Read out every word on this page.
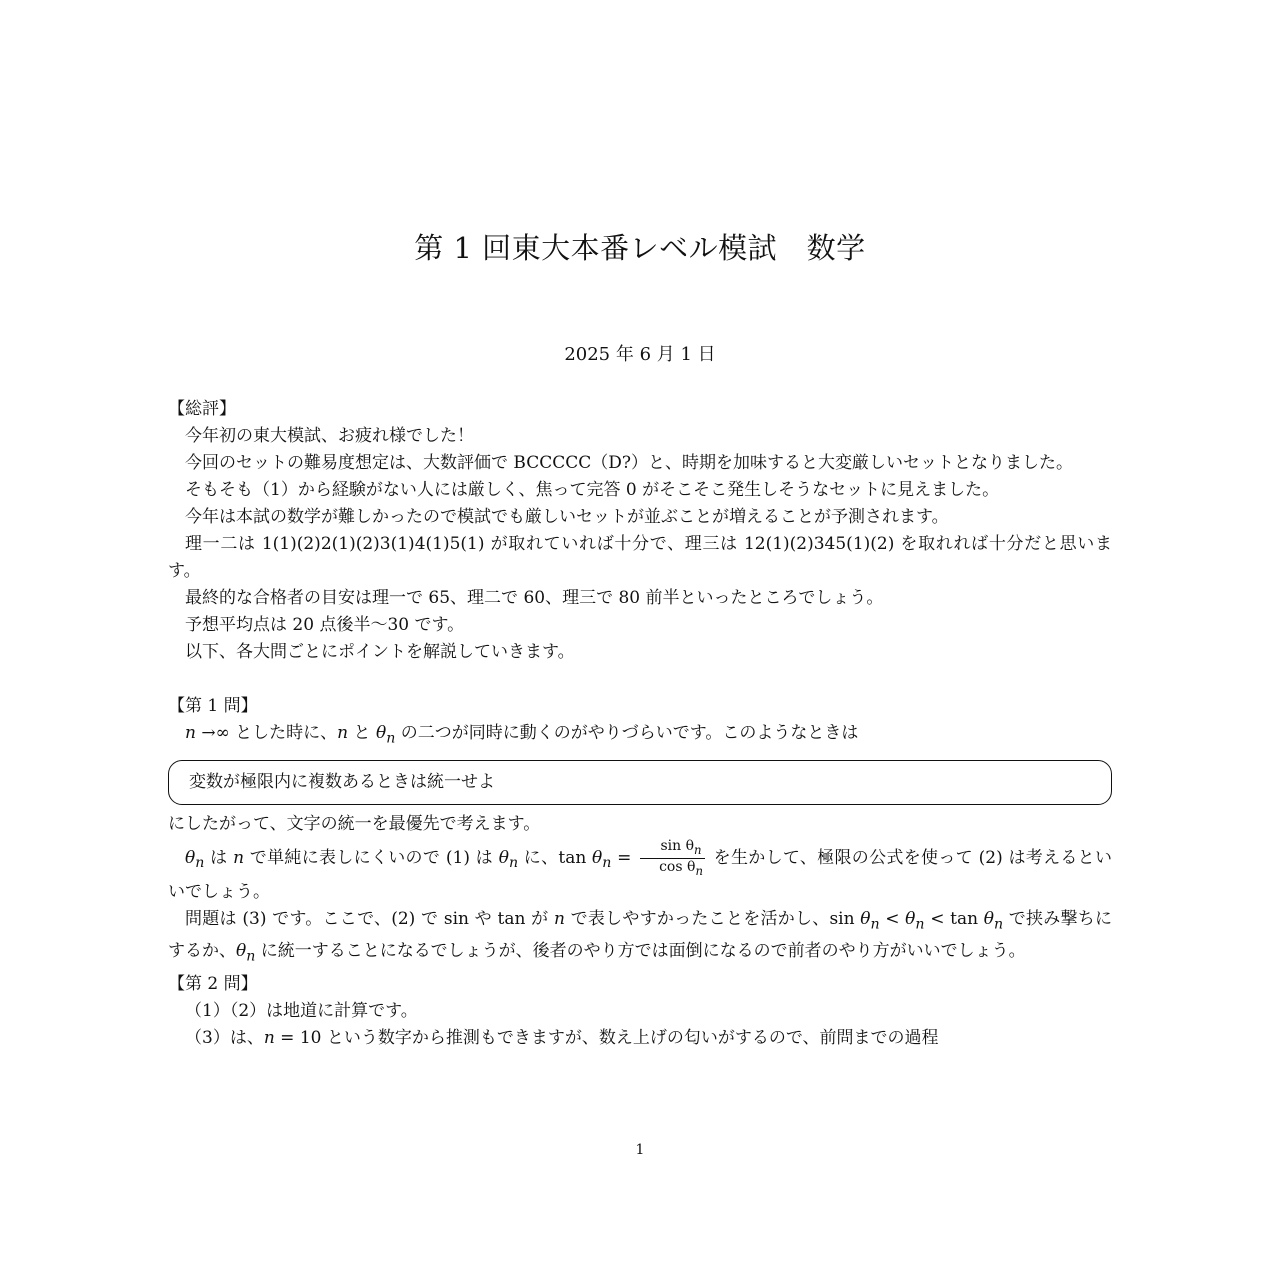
第 1 回東大本番レベル模試　数学
2025 年 6 月 1 日

【総評】

今年初の東大模試、お疲れ様でした！

今回のセットの難易度想定は、大数評価で BCCCCC（D?）と、時期を加味すると大変厳しいセットとなりました。

そもそも（1）から経験がない人には厳しく、焦って完答 0 がそこそこ発生しそうなセットに見えました。

今年は本試の数学が難しかったので模試でも厳しいセットが並ぶことが増えることが予測されます。

理一二は 1(1)(2)2(1)(2)3(1)4(1)5(1) が取れていれば十分で、理三は 12(1)(2)345(1)(2) を取れれば十分だと思います。

最終的な合格者の目安は理一で 65、理二で 60、理三で 80 前半といったところでしょう。

予想平均点は 20 点後半〜30 です。

以下、各大問ごとにポイントを解説していきます。

【第 1 問】

n →∞ とした時に、n と $\theta_n$ の二つが同時に動くのがやりづらいです。このようなときは

変数が極限内に複数あるときは統一せよ

にしたがって、文字の統一を最優先で考えます。

$\theta_n$ は n で単純に表しにくいので (1) は $\theta_n$ に、$\tan \theta_n = \frac{\sin \theta_n}{\cos \theta_n}$ を生かして、極限の公式を使って (2) は考えるといいでしょう。

問題は (3) です。ここで、(2) で sin や tan が n で表しやすかったことを活かし、$\sin \theta_n < \theta_n < \tan \theta_n$ で挟み撃ちにするか、$\theta_n$ に統一することになるでしょうが、後者のやり方では面倒になるので前者のやり方がいいでしょう。

【第 2 問】

（1）（2）は地道に計算です。

（3）は、n = 10 という数字から推測もできますが、数え上げの匂いがするので、前問までの過程

1
